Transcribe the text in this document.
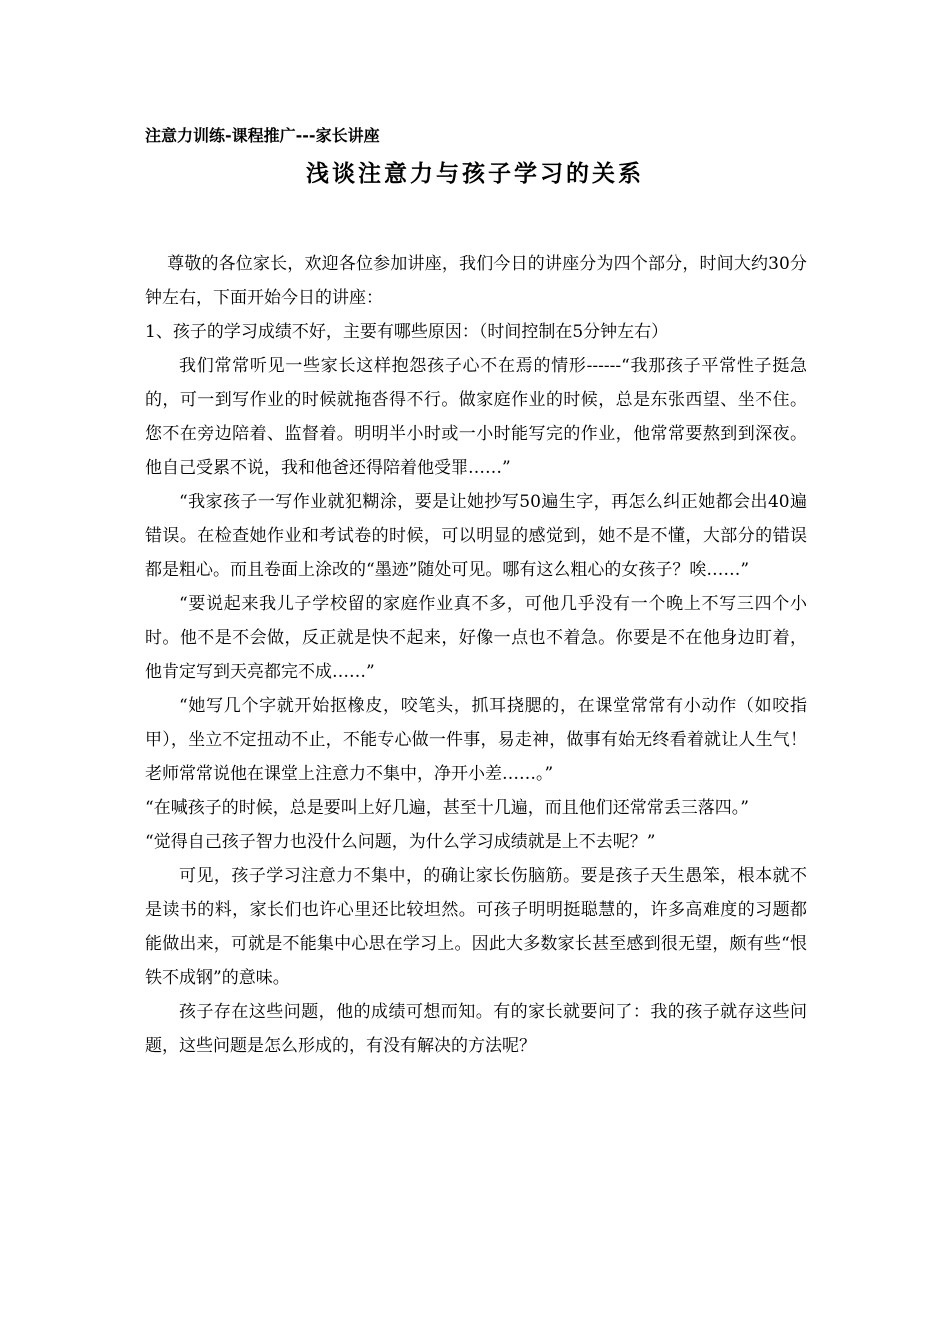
注意力训练-课程推广---家长讲座
浅谈注意力与孩子学习的关系

尊敬的各位家长，欢迎各位参加讲座，我们今日的讲座分为四个部分，时间大约30分钟左右，下面开始今日的讲座：

1、孩子的学习成绩不好，主要有哪些原因：（时间控制在5分钟左右）

我们常常听见一些家长这样抱怨孩子心不在焉的情形------“我那孩子平常性子挺急的，可一到写作业的时候就拖沓得不行。做家庭作业的时候，总是东张西望、坐不住。您不在旁边陪着、监督着。明明半小时或一小时能写完的作业，他常常要熬到到深夜。他自己受累不说，我和他爸还得陪着他受罪……”

“我家孩子一写作业就犯糊涂，要是让她抄写50遍生字，再怎么纠正她都会出40遍错误。在检查她作业和考试卷的时候，可以明显的感觉到，她不是不懂，大部分的错误都是粗心。而且卷面上涂改的“墨迹”随处可见。哪有这么粗心的女孩子？唉……”

“要说起来我儿子学校留的家庭作业真不多，可他几乎没有一个晚上不写三四个小时。他不是不会做，反正就是快不起来，好像一点也不着急。你要是不在他身边盯着，他肯定写到天亮都完不成……”

“她写几个字就开始抠橡皮，咬笔头，抓耳挠腮的，在课堂常常有小动作（如咬指甲），坐立不定扭动不止，不能专心做一件事，易走神，做事有始无终看着就让人生气！老师常常说他在课堂上注意力不集中，净开小差……。”

“在喊孩子的时候，总是要叫上好几遍，甚至十几遍，而且他们还常常丢三落四。”

“觉得自己孩子智力也没什么问题，为什么学习成绩就是上不去呢？”

可见，孩子学习注意力不集中，的确让家长伤脑筋。要是孩子天生愚笨，根本就不是读书的料，家长们也许心里还比较坦然。可孩子明明挺聪慧的，许多高难度的习题都能做出来，可就是不能集中心思在学习上。因此大多数家长甚至感到很无望，颇有些“恨铁不成钢”的意味。

孩子存在这些问题，他的成绩可想而知。有的家长就要问了：我的孩子就存这些问题，这些问题是怎么形成的，有没有解决的方法呢？
